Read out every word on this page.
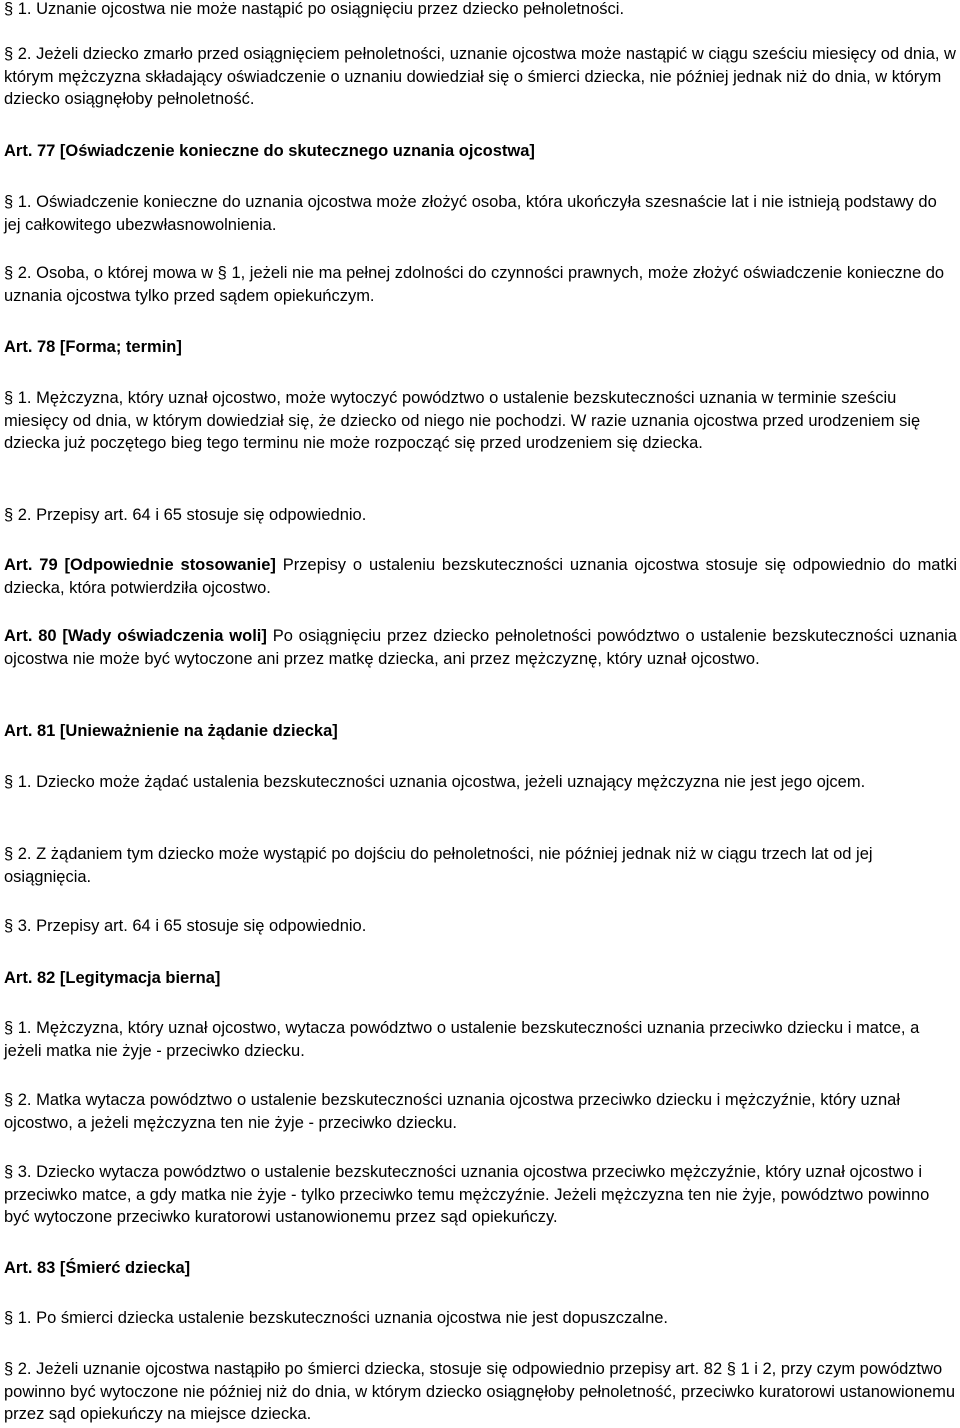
§ 1. Uznanie ojcostwa nie może nastąpić po osiągnięciu przez dziecko pełnoletności.

§ 2. Jeżeli dziecko zmarło przed osiągnięciem pełnoletności, uznanie ojcostwa może nastąpić w ciągu sześciu miesięcy od dnia, w którym mężczyzna składający oświadczenie o uznaniu dowiedział się o śmierci dziecka, nie później jednak niż do dnia, w którym dziecko osiągnęłoby pełnoletność.

Art. 77 [Oświadczenie konieczne do skutecznego uznania ojcostwa]

§ 1. Oświadczenie konieczne do uznania ojcostwa może złożyć osoba, która ukończyła szesnaście lat i nie istnieją podstawy do jej całkowitego ubezwłasnowolnienia.

§ 2. Osoba, o której mowa w § 1, jeżeli nie ma pełnej zdolności do czynności prawnych, może złożyć oświadczenie konieczne do uznania ojcostwa tylko przed sądem opiekuńczym.

Art. 78 [Forma; termin]

§ 1. Mężczyzna, który uznał ojcostwo, może wytoczyć powództwo o ustalenie bezskuteczności uznania w terminie sześciu miesięcy od dnia, w którym dowiedział się, że dziecko od niego nie pochodzi. W razie uznania ojcostwa przed urodzeniem się dziecka już poczętego bieg tego terminu nie może rozpocząć się przed urodzeniem się dziecka.

§ 2. Przepisy art. 64 i 65 stosuje się odpowiednio.

Art. 79 [Odpowiednie stosowanie] Przepisy o ustaleniu bezskuteczności uznania ojcostwa stosuje się odpowiednio do matki dziecka, która potwierdziła ojcostwo.

Art. 80 [Wady oświadczenia woli] Po osiągnięciu przez dziecko pełnoletności powództwo o ustalenie bezskuteczności uznania ojcostwa nie może być wytoczone ani przez matkę dziecka, ani przez mężczyznę, który uznał ojcostwo.

Art. 81 [Unieważnienie na żądanie dziecka]

§ 1. Dziecko może żądać ustalenia bezskuteczności uznania ojcostwa, jeżeli uznający mężczyzna nie jest jego ojcem.

§ 2. Z żądaniem tym dziecko może wystąpić po dojściu do pełnoletności, nie później jednak niż w ciągu trzech lat od jej osiągnięcia.

§ 3. Przepisy art. 64 i 65 stosuje się odpowiednio.

Art. 82 [Legitymacja bierna]

§ 1. Mężczyzna, który uznał ojcostwo, wytacza powództwo o ustalenie bezskuteczności uznania przeciwko dziecku i matce, a jeżeli matka nie żyje - przeciwko dziecku.

§ 2. Matka wytacza powództwo o ustalenie bezskuteczności uznania ojcostwa przeciwko dziecku i mężczyźnie, który uznał ojcostwo, a jeżeli mężczyzna ten nie żyje - przeciwko dziecku.

§ 3. Dziecko wytacza powództwo o ustalenie bezskuteczności uznania ojcostwa przeciwko mężczyźnie, który uznał ojcostwo i przeciwko matce, a gdy matka nie żyje - tylko przeciwko temu mężczyźnie. Jeżeli mężczyzna ten nie żyje, powództwo powinno być wytoczone przeciwko kuratorowi ustanowionemu przez sąd opiekuńczy.

Art. 83 [Śmierć dziecka]

§ 1. Po śmierci dziecka ustalenie bezskuteczności uznania ojcostwa nie jest dopuszczalne.

§ 2. Jeżeli uznanie ojcostwa nastąpiło po śmierci dziecka, stosuje się odpowiednio przepisy art. 82 § 1 i 2, przy czym powództwo powinno być wytoczone nie później niż do dnia, w którym dziecko osiągnęłoby pełnoletność, przeciwko kuratorowi ustanowionemu przez sąd opiekuńczy na miejsce dziecka.
